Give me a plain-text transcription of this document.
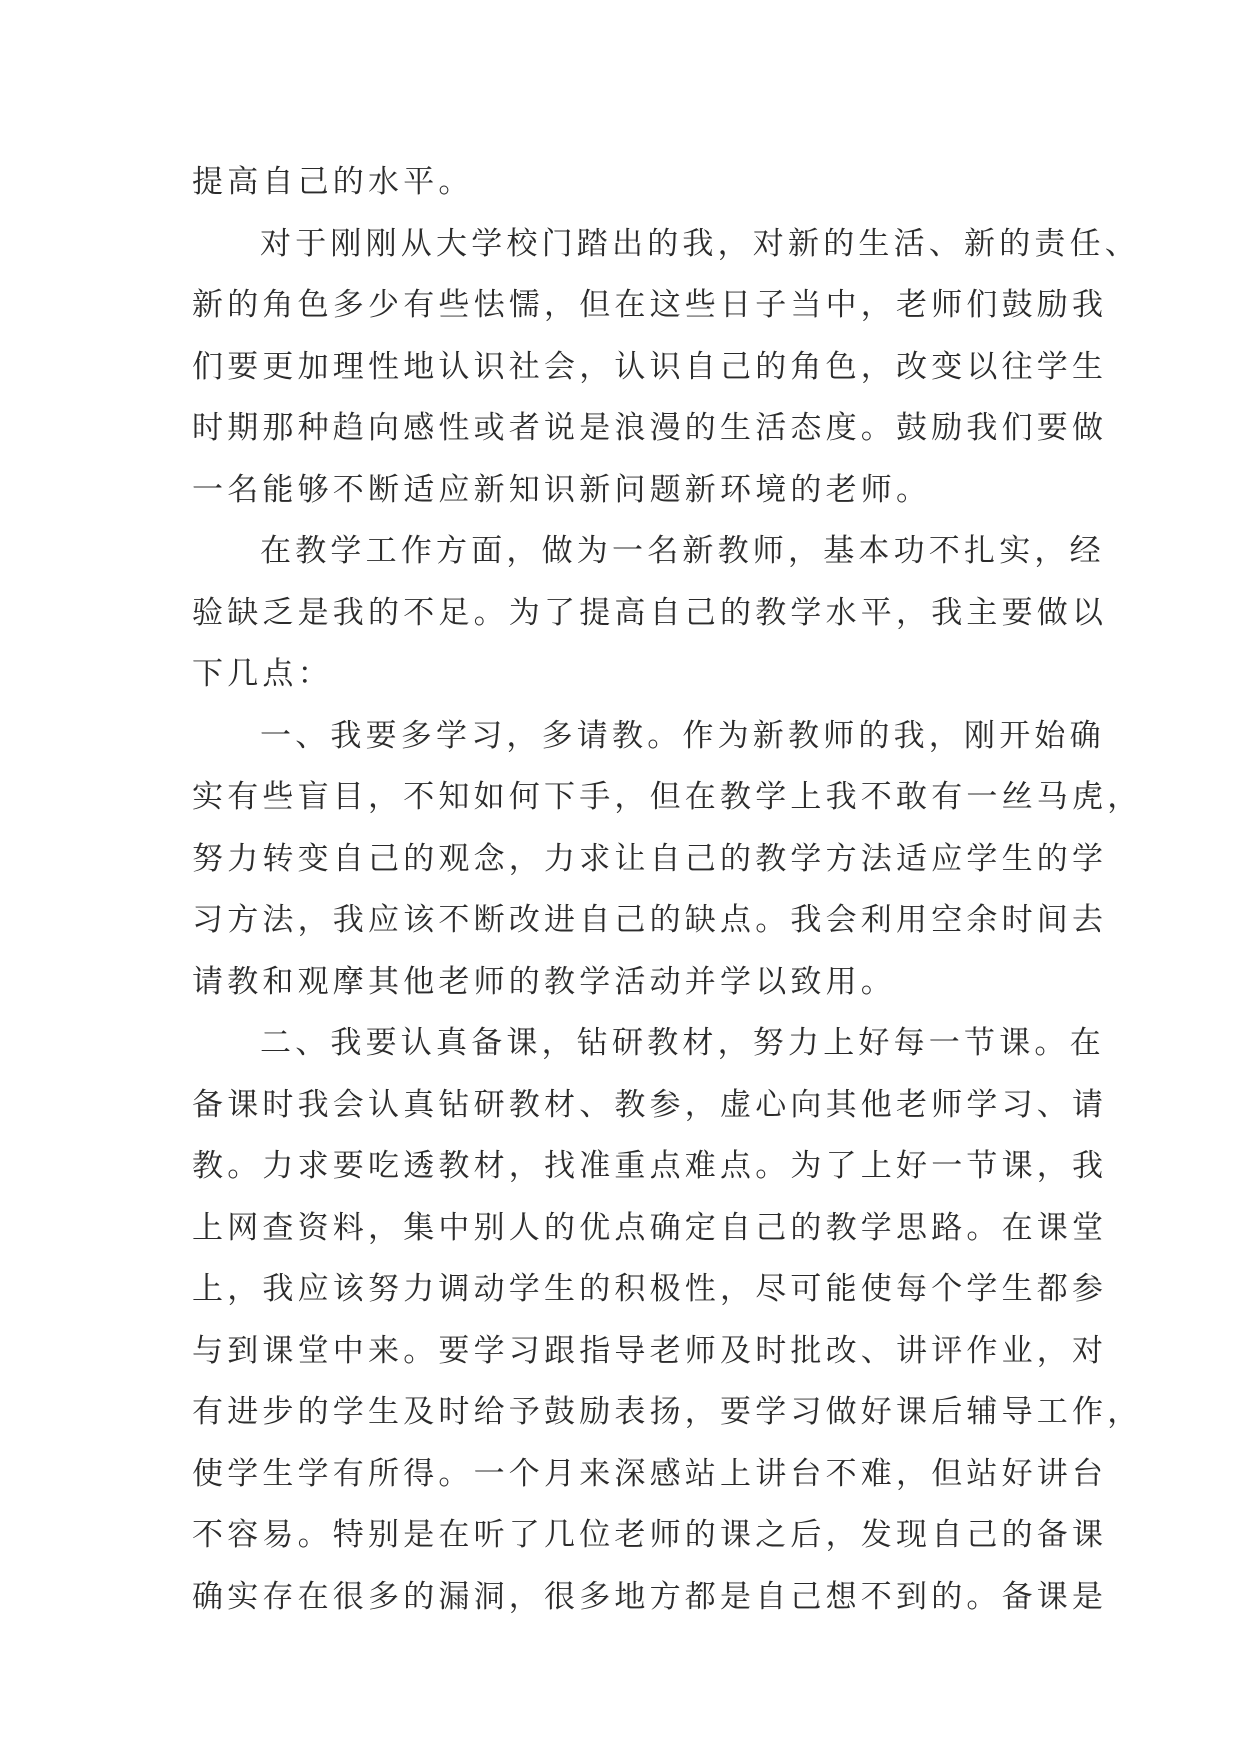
提高自己的水平。
对于刚刚从大学校门踏出的我，对新的生活、新的责任、
新的角色多少有些怯懦，但在这些日子当中，老师们鼓励我
们要更加理性地认识社会，认识自己的角色，改变以往学生
时期那种趋向感性或者说是浪漫的生活态度。鼓励我们要做
一名能够不断适应新知识新问题新环境的老师。
在教学工作方面，做为一名新教师，基本功不扎实，经
验缺乏是我的不足。为了提高自己的教学水平，我主要做以
下几点：
一、我要多学习，多请教。作为新教师的我，刚开始确
实有些盲目，不知如何下手，但在教学上我不敢有一丝马虎，
努力转变自己的观念，力求让自己的教学方法适应学生的学
习方法，我应该不断改进自己的缺点。我会利用空余时间去
请教和观摩其他老师的教学活动并学以致用。
二、我要认真备课，钻研教材，努力上好每一节课。在
备课时我会认真钻研教材、教参，虚心向其他老师学习、请
教。力求要吃透教材，找准重点难点。为了上好一节课，我
上网查资料，集中别人的优点确定自己的教学思路。在课堂
上，我应该努力调动学生的积极性，尽可能使每个学生都参
与到课堂中来。要学习跟指导老师及时批改、讲评作业，对
有进步的学生及时给予鼓励表扬，要学习做好课后辅导工作，
使学生学有所得。一个月来深感站上讲台不难，但站好讲台
不容易。特别是在听了几位老师的课之后，发现自己的备课
确实存在很多的漏洞，很多地方都是自己想不到的。备课是
